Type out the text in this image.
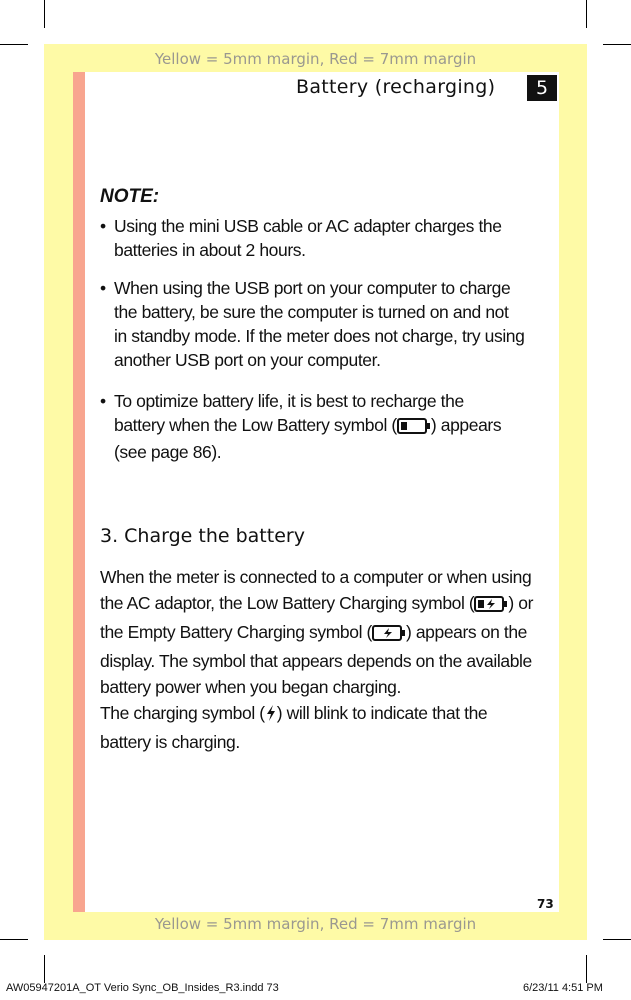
Yellow = 5mm margin, Red = 7mm margin
Yellow = 5mm margin, Red = 7mm margin
Battery (recharging)	5
NOTE:
• Using the mini USB cable or AC adapter charges the
batteries in about 2 hours.
• When using the USB port on your computer to charge
the battery, be sure the computer is turned on and not
in standby mode. If the meter does not charge, try using
another USB port on your computer.
• To optimize battery life, it is best to recharge the
battery when the Low Battery symbol ( ) appears
(see page 86).
3. Charge the battery
When the meter is connected to a computer or when using
the AC adaptor, the Low Battery Charging symbol ( ) or
the Empty Battery Charging symbol ( ) appears on the
display. The symbol that appears depends on the available
battery power when you began charging.
The charging symbol ( ) will blink to indicate that the
battery is charging.
73
AW05947201A_OT Verio Sync_OB_Insides_R3.indd 73	6/23/11 4:51 PM
